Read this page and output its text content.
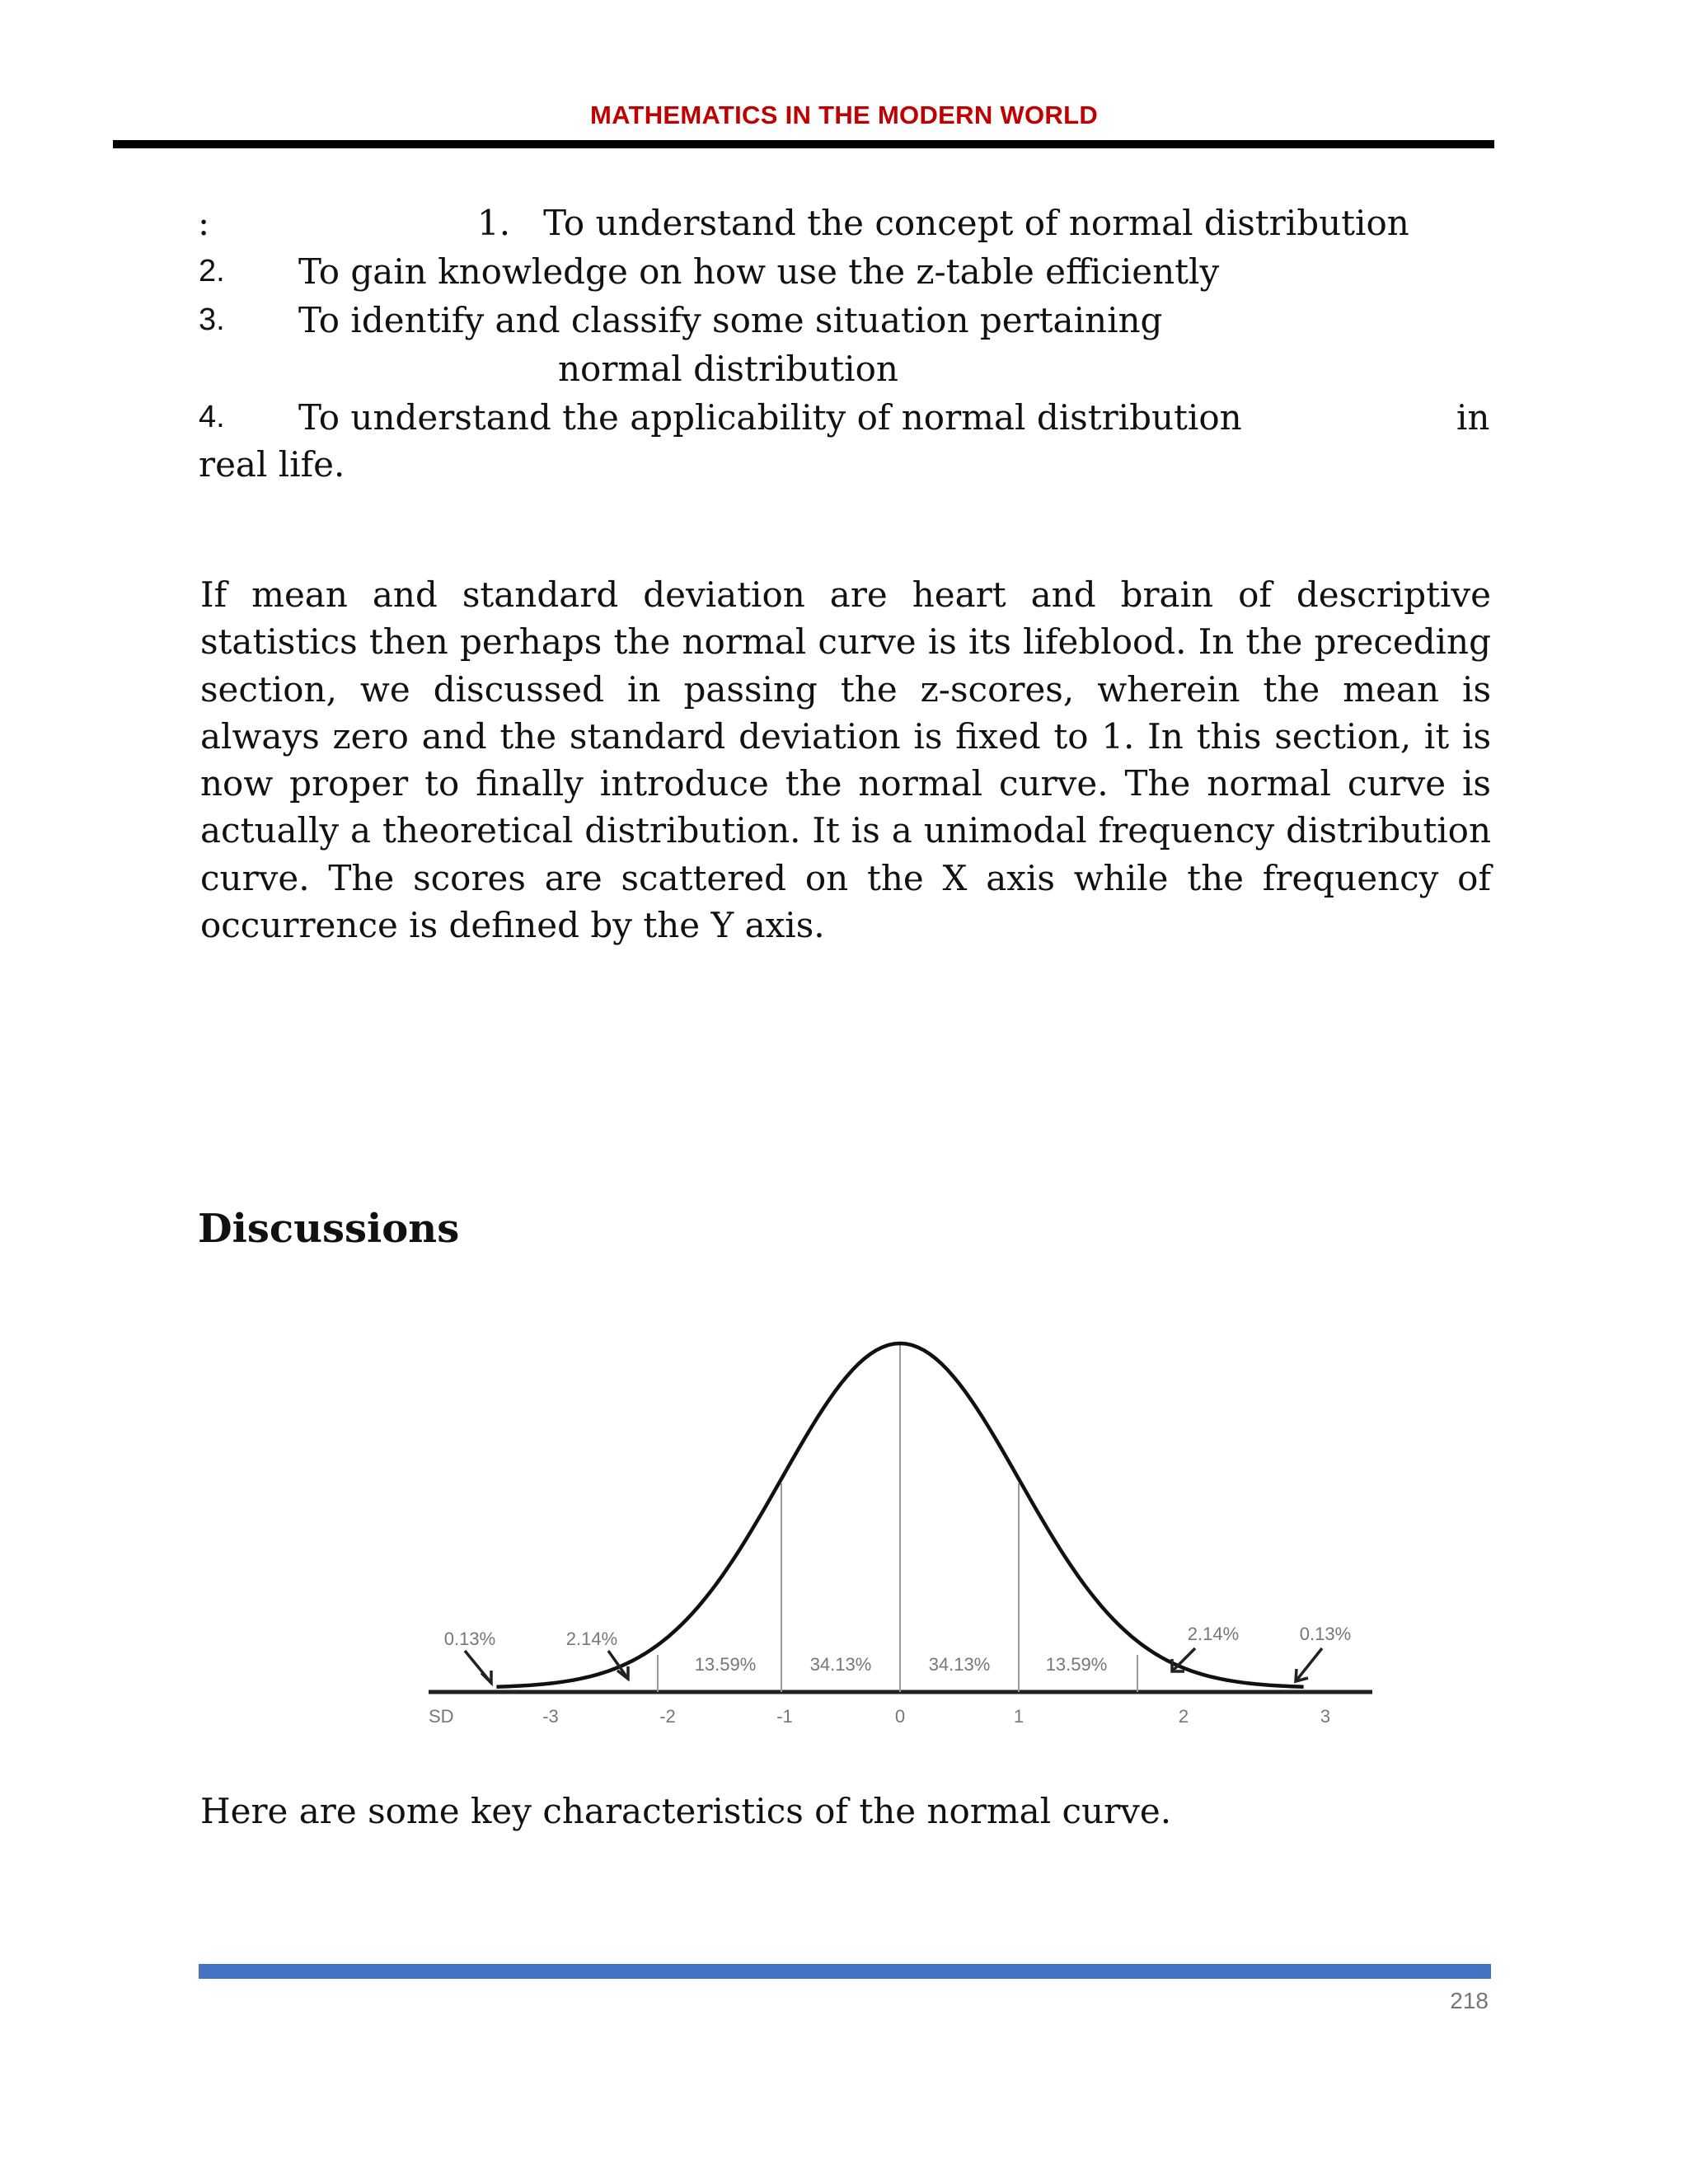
MATHEMATICS IN THE MODERN WORLD
:	1. To understand the concept of normal distribution
2. To gain knowledge on how use the z-table efficiently
3. To identify and classify some situation pertaining
normal distribution
4. To understand the applicability of normal distribution	in
real life.

If mean and standard deviation are heart and brain of descriptive statistics then perhaps the normal curve is its lifeblood. In the preceding section, we discussed in passing the z-scores, wherein the mean is always zero and the standard deviation is fixed to 1. In this section, it is now proper to finally introduce the normal curve. The normal curve is actually a theoretical distribution. It is a unimodal frequency distribution curve. The scores are scattered on the X axis while the frequency of occurrence is defined by the Y axis.

Discussions
SD	-3	-2	-1	0	1	2	3
13.59%	34.13%	34.13%	13.59%
0.13%	2.14%	2.14%	0.13%
Here are some key characteristics of the normal curve.
218
